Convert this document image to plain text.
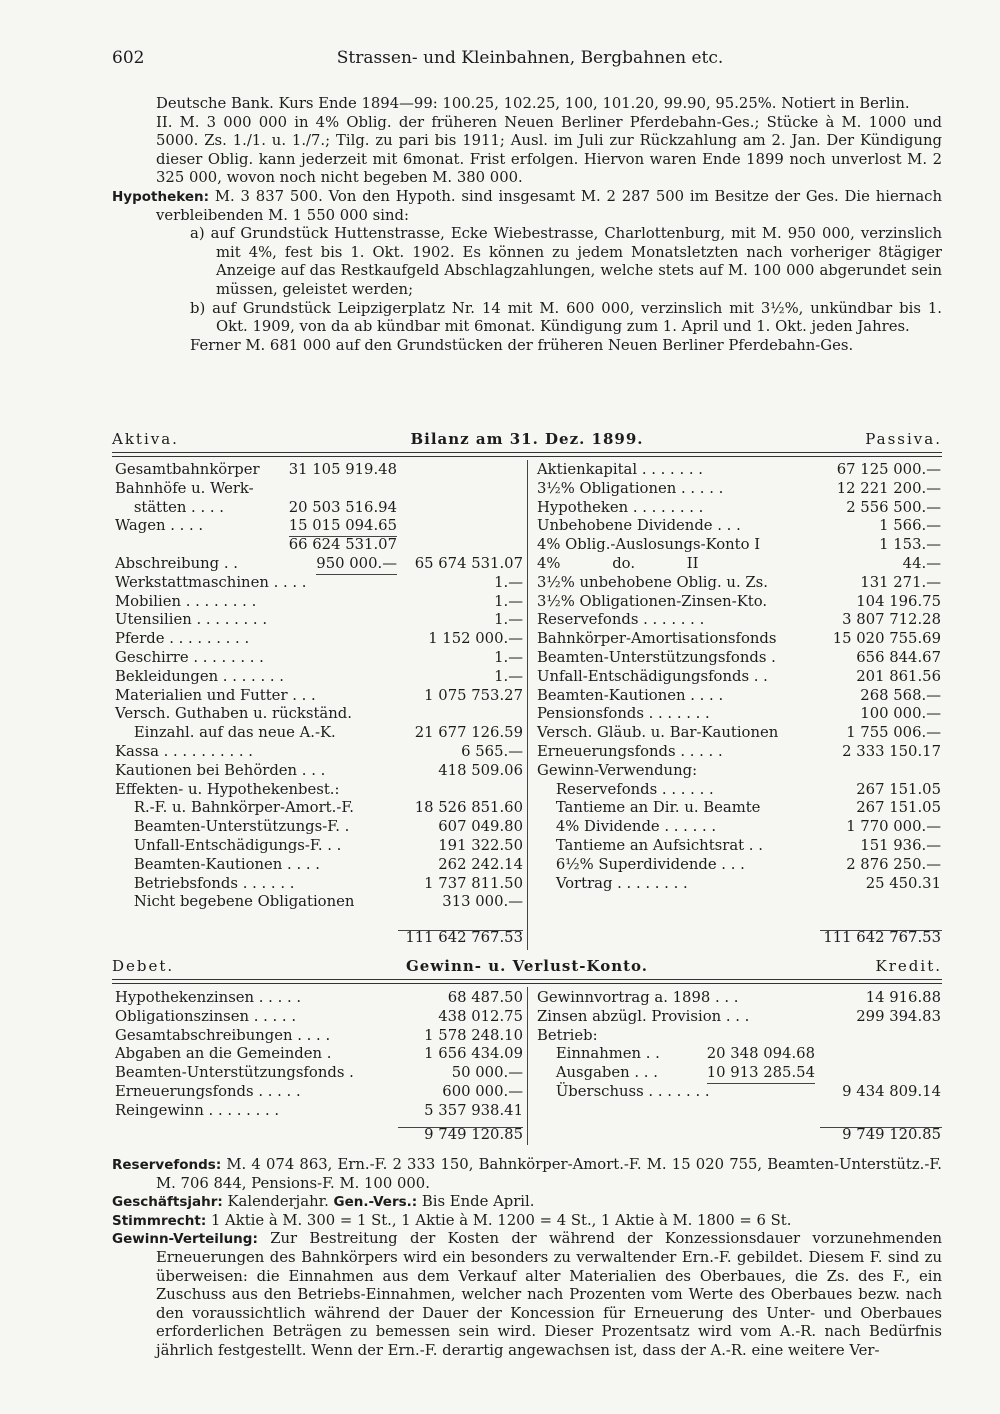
602	Strassen- und Kleinbahnen, Bergbahnen etc.

Deutsche Bank. Kurs Ende 1894—99: 100.25, 102.25, 100, 101.20, 99.90, 95.25%. Notiert in Berlin.

II. M. 3 000 000 in 4% Oblig. der früheren Neuen Berliner Pferdebahn-Ges.; Stücke à M. 1000 und 5000. Zs. 1./1. u. 1./7.; Tilg. zu pari bis 1911; Ausl. im Juli zur Rückzahlung am 2. Jan. Der Kündigung dieser Oblig. kann jederzeit mit 6monat. Frist erfolgen. Hiervon waren Ende 1899 noch unverlost M. 2 325 000, wovon noch nicht begeben M. 380 000.

Hypotheken: M. 3 837 500. Von den Hypoth. sind insgesamt M. 2 287 500 im Besitze der Ges. Die hiernach verbleibenden M. 1 550 000 sind:

a) auf Grundstück Huttenstrasse, Ecke Wiebestrasse, Charlottenburg, mit M. 950 000, verzinslich mit 4%, fest bis 1. Okt. 1902. Es können zu jedem Monatsletzten nach vorheriger 8tägiger Anzeige auf das Restkaufgeld Abschlagzahlungen, welche stets auf M. 100 000 abgerundet sein müssen, geleistet werden;

b) auf Grundstück Leipzigerplatz Nr. 14 mit M. 600 000, verzinslich mit 3½%, unkündbar bis 1. Okt. 1909, von da ab kündbar mit 6monat. Kündigung zum 1. April und 1. Okt. jeden Jahres.

Ferner M. 681 000 auf den Grundstücken der früheren Neuen Berliner Pferdebahn-Ges.

Aktiva.	Bilanz am 31. Dez. 1899.	Passiva.
Gesamtbahnkörper 31 105 919.48
Bahnhöfe u. Werk-
stätten . . . .	20 503 516.94
Wagen . . . .	15 015 094.65
66 624 531.07
Abschreibung . .	950 000.— 65 674 531.07
Werkstattmaschinen . . . .	1.—
Mobilien . . . . . . . .	1.—
Utensilien . . . . . . . .	1.—
Pferde . . . . . . . . .	1 152 000.—
Geschirre . . . . . . . .	1.—
Bekleidungen . . . . . . .	1.—
Materialien und Futter . . .	1 075 753.27
Versch. Guthaben u. rückständ.
Einzahl. auf das neue A.-K.	21 677 126.59
Kassa . . . . . . . . . .	6 565.—
Kautionen bei Behörden . . .	418 509.06
Effekten- u. Hypothekenbest.:
R.-F. u. Bahnkörper-Amort.-F.	18 526 851.60
Beamten-Unterstützungs-F. .	607 049.80
Unfall-Entschädigungs-F. . .	191 322.50
Beamten-Kautionen . . . .	262 242.14
Betriebsfonds . . . . . .	1 737 811.50
Nicht begebene Obligationen	313 000.—
111 642 767.53
Aktienkapital . . . . . . .	67 125 000.—
3½% Obligationen . . . . .	12 221 200.—
Hypotheken . . . . . . . .	2 556 500.—
Unbehobene Dividende . . .	1 566.—
4% Oblig.-Auslosungs-Konto I	1 153.—
4%           do.           II	44.—
3½% unbehobene Oblig. u. Zs.	131 271.—
3½% Obligationen-Zinsen-Kto.	104 196.75
Reservefonds . . . . . . .	3 807 712.28
Bahnkörper-Amortisationsfonds	15 020 755.69
Beamten-Unterstützungsfonds .	656 844.67
Unfall-Entschädigungsfonds . .	201 861.56
Beamten-Kautionen . . . .	268 568.—
Pensionsfonds . . . . . . .	100 000.—
Versch. Gläub. u. Bar-Kautionen	1 755 006.—
Erneuerungsfonds . . . . .	2 333 150.17
Gewinn-Verwendung:
Reservefonds . . . . . .	267 151.05
Tantieme an Dir. u. Beamte	267 151.05
4% Dividende . . . . . .	1 770 000.—
Tantieme an Aufsichtsrat . .	151 936.—
6½% Superdividende . . .	2 876 250.—
Vortrag . . . . . . . .	25 450.31
111 642 767.53
Debet.	Gewinn- u. Verlust-Konto.	Kredit.
Hypothekenzinsen . . . . .	68 487.50
Obligationszinsen . . . . .	438 012.75
Gesamtabschreibungen . . . .	1 578 248.10
Abgaben an die Gemeinden .	1 656 434.09
Beamten-Unterstützungsfonds .	50 000.—
Erneuerungsfonds . . . . .	600 000.—
Reingewinn . . . . . . . .	5 357 938.41
9 749 120.85
Gewinnvortrag a. 1898 . . .	14 916.88
Zinsen abzügl. Provision . . .	299 394.83
Betrieb:
Einnahmen . .	20 348 094.68
Ausgaben . . .	10 913 285.54
Überschuss . . . . . . .	9 434 809.14
9 749 120.85

Reservefonds: M. 4 074 863, Ern.-F. 2 333 150, Bahnkörper-Amort.-F. M. 15 020 755, Beamten-Unterstütz.-F. M. 706 844, Pensions-F. M. 100 000.

Geschäftsjahr: Kalenderjahr. Gen.-Vers.: Bis Ende April.

Stimmrecht: 1 Aktie à M. 300 = 1 St., 1 Aktie à M. 1200 = 4 St., 1 Aktie à M. 1800 = 6 St.

Gewinn-Verteilung: Zur Bestreitung der Kosten der während der Konzessionsdauer vorzunehmenden Erneuerungen des Bahnkörpers wird ein besonders zu verwaltender Ern.-F. gebildet. Diesem F. sind zu überweisen: die Einnahmen aus dem Verkauf alter Materialien des Oberbaues, die Zs. des F., ein Zuschuss aus den Betriebs-Einnahmen, welcher nach Prozenten vom Werte des Oberbaues bezw. nach den voraussichtlich während der Dauer der Koncession für Erneuerung des Unter- und Oberbaues erforderlichen Beträgen zu bemessen sein wird. Dieser Prozentsatz wird vom A.-R. nach Bedürfnis jährlich festgestellt. Wenn der Ern.-F. derartig angewachsen ist, dass der A.-R. eine weitere Ver-
